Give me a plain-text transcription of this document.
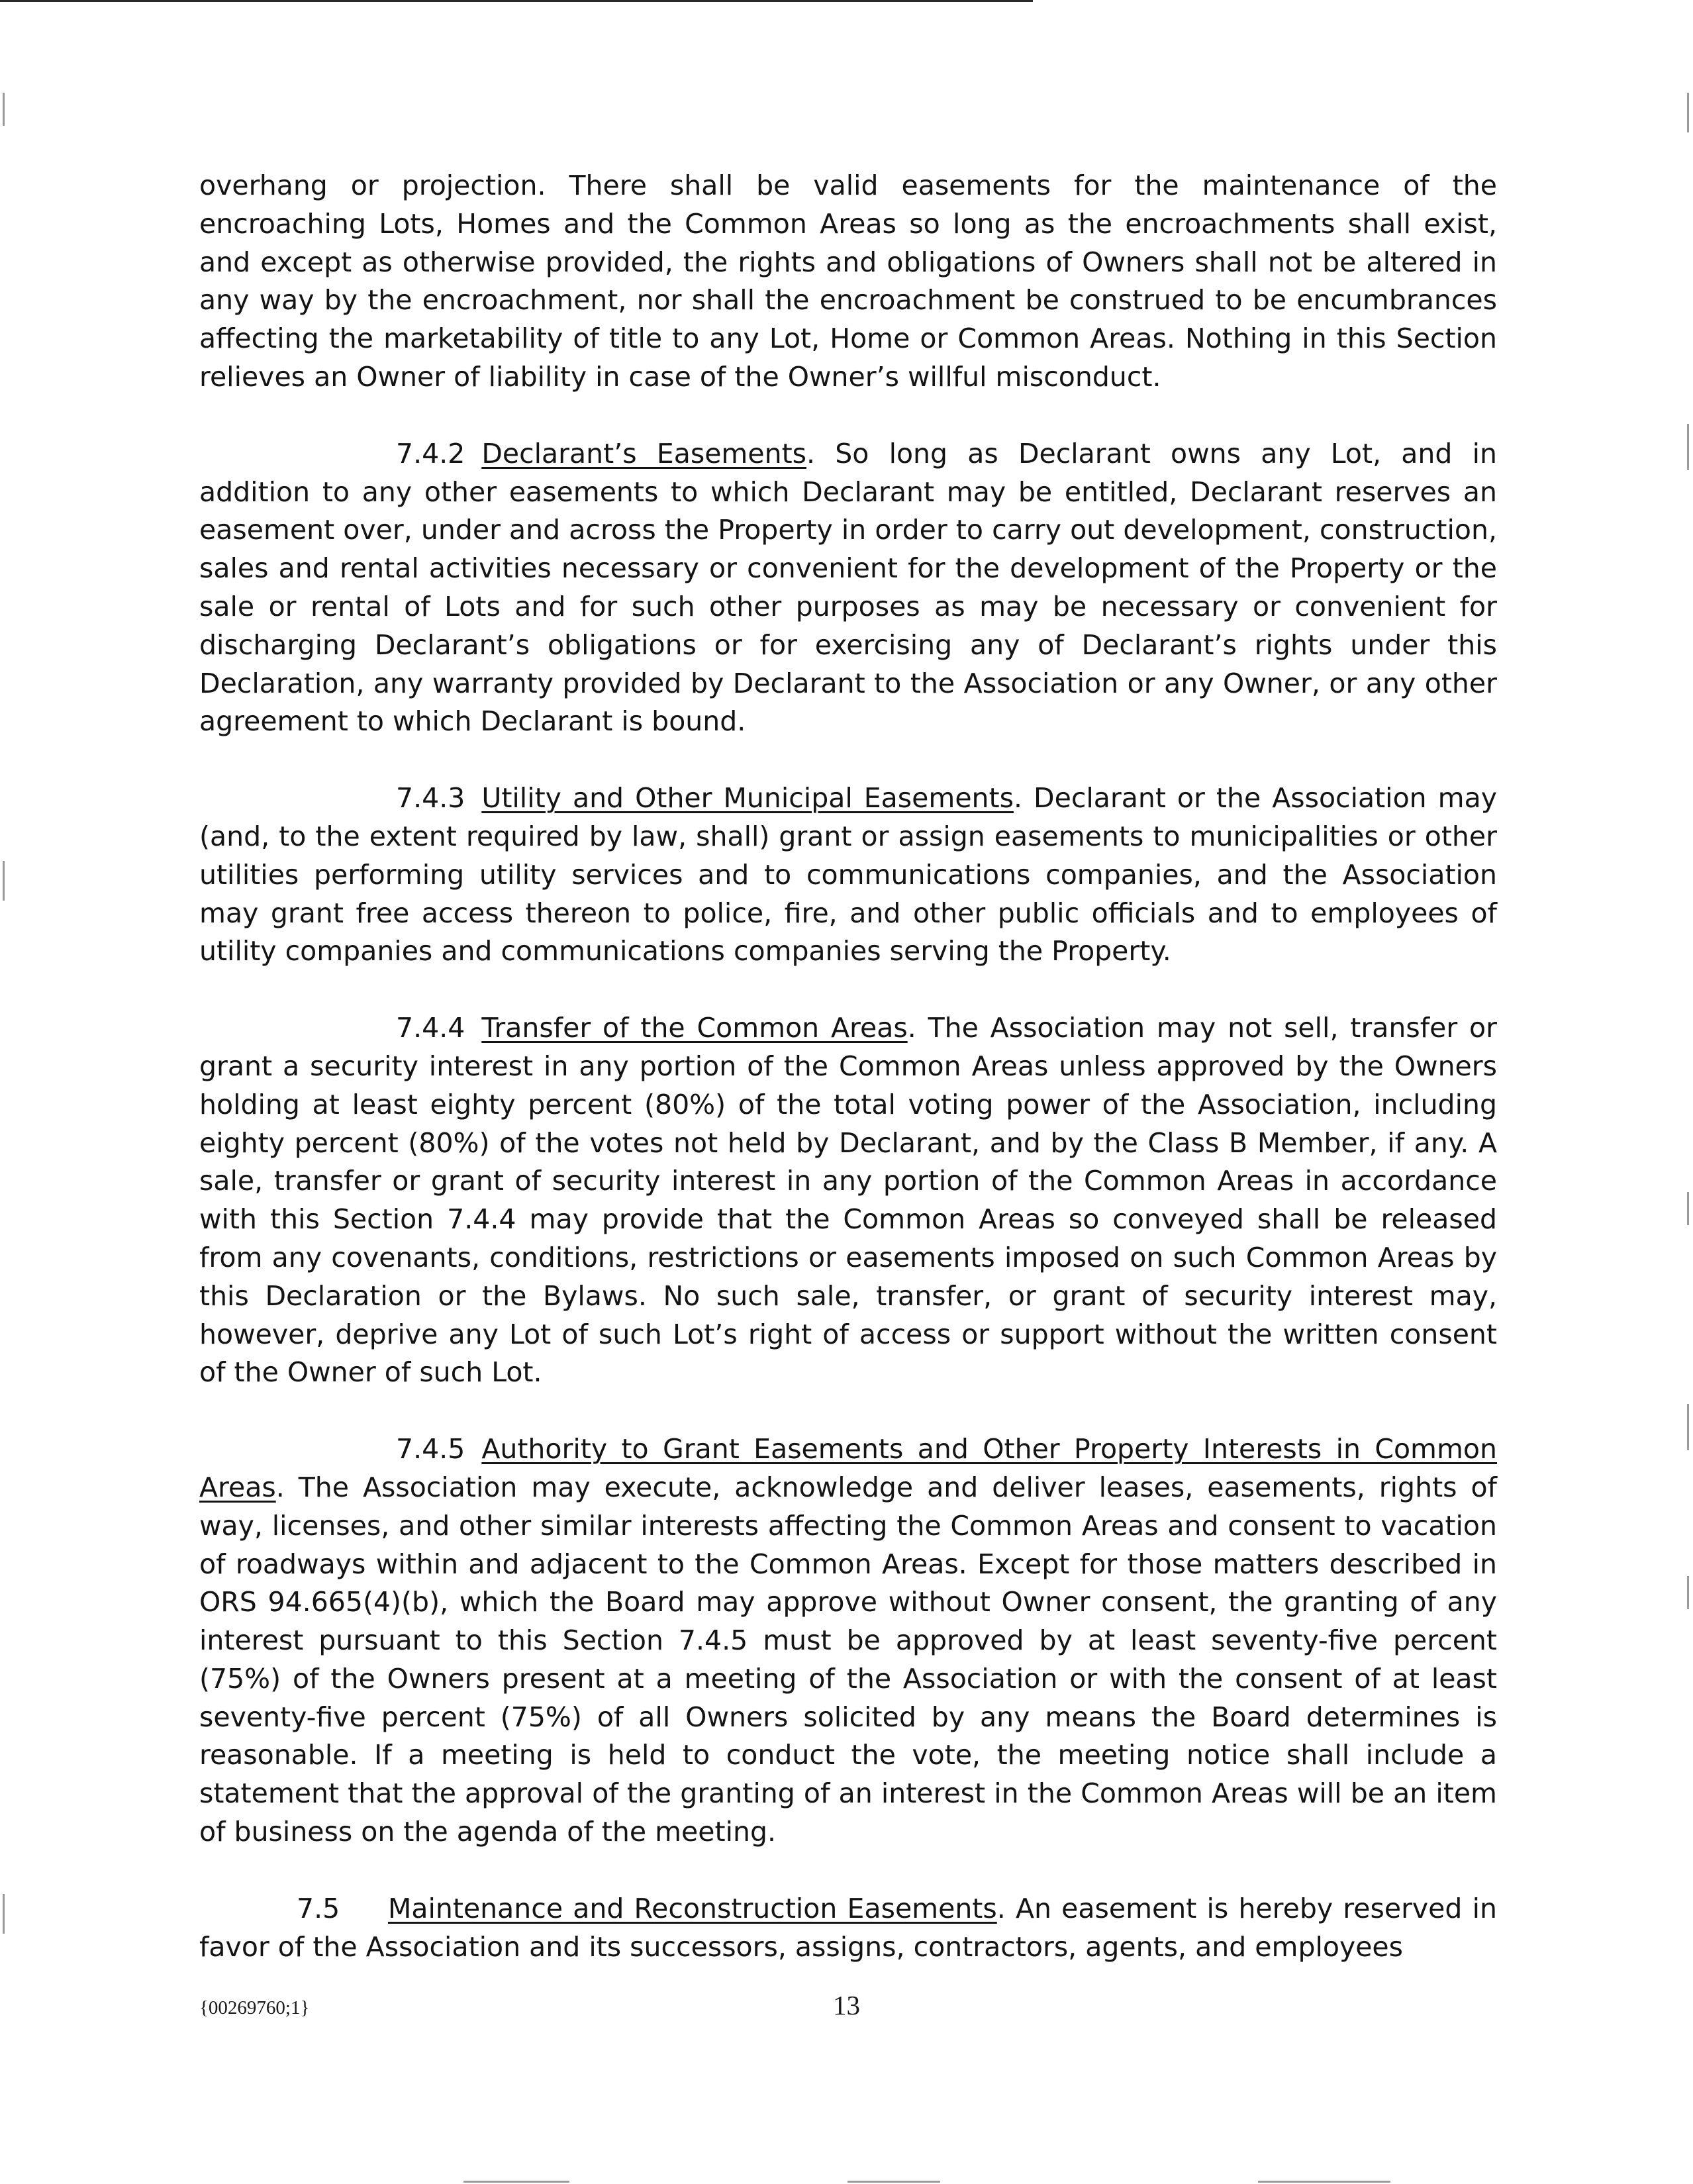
overhang or projection. There shall be valid easements for the maintenance of the encroaching Lots, Homes and the Common Areas so long as the encroachments shall exist, and except as otherwise provided, the rights and obligations of Owners shall not be altered in any way by the encroachment, nor shall the encroachment be construed to be encumbrances affecting the marketability of title to any Lot, Home or Common Areas. Nothing in this Section relieves an Owner of liability in case of the Owner’s willful misconduct.

7.4.2 Declarant’s Easements. So long as Declarant owns any Lot, and in addition to any other easements to which Declarant may be entitled, Declarant reserves an easement over, under and across the Property in order to carry out development, construction, sales and rental activities necessary or convenient for the development of the Property or the sale or rental of Lots and for such other purposes as may be necessary or convenient for discharging Declarant’s obligations or for exercising any of Declarant’s rights under this Declaration, any warranty provided by Declarant to the Association or any Owner, or any other agreement to which Declarant is bound.

7.4.3 Utility and Other Municipal Easements. Declarant or the Association may (and, to the extent required by law, shall) grant or assign easements to municipalities or other utilities performing utility services and to communications companies, and the Association may grant free access thereon to police, fire, and other public officials and to employees of utility companies and communications companies serving the Property.

7.4.4 Transfer of the Common Areas. The Association may not sell, transfer or grant a security interest in any portion of the Common Areas unless approved by the Owners holding at least eighty percent (80%) of the total voting power of the Association, including eighty percent (80%) of the votes not held by Declarant, and by the Class B Member, if any. A sale, transfer or grant of security interest in any portion of the Common Areas in accordance with this Section 7.4.4 may provide that the Common Areas so conveyed shall be released from any covenants, conditions, restrictions or easements imposed on such Common Areas by this Declaration or the Bylaws. No such sale, transfer, or grant of security interest may, however, deprive any Lot of such Lot’s right of access or support without the written consent of the Owner of such Lot.

7.4.5 Authority to Grant Easements and Other Property Interests in Common Areas. The Association may execute, acknowledge and deliver leases, easements, rights of way, licenses, and other similar interests affecting the Common Areas and consent to vacation of roadways within and adjacent to the Common Areas. Except for those matters described in ORS 94.665(4)(b), which the Board may approve without Owner consent, the granting of any interest pursuant to this Section 7.4.5 must be approved by at least seventy-five percent (75%) of the Owners present at a meeting of the Association or with the consent of at least seventy-five percent (75%) of all Owners solicited by any means the Board determines is reasonable. If a meeting is held to conduct the vote, the meeting notice shall include a statement that the approval of the granting of an interest in the Common Areas will be an item of business on the agenda of the meeting.

7.5 Maintenance and Reconstruction Easements. An easement is hereby reserved in favor of the Association and its successors, assigns, contractors, agents, and employees

{00269760;1}	13
